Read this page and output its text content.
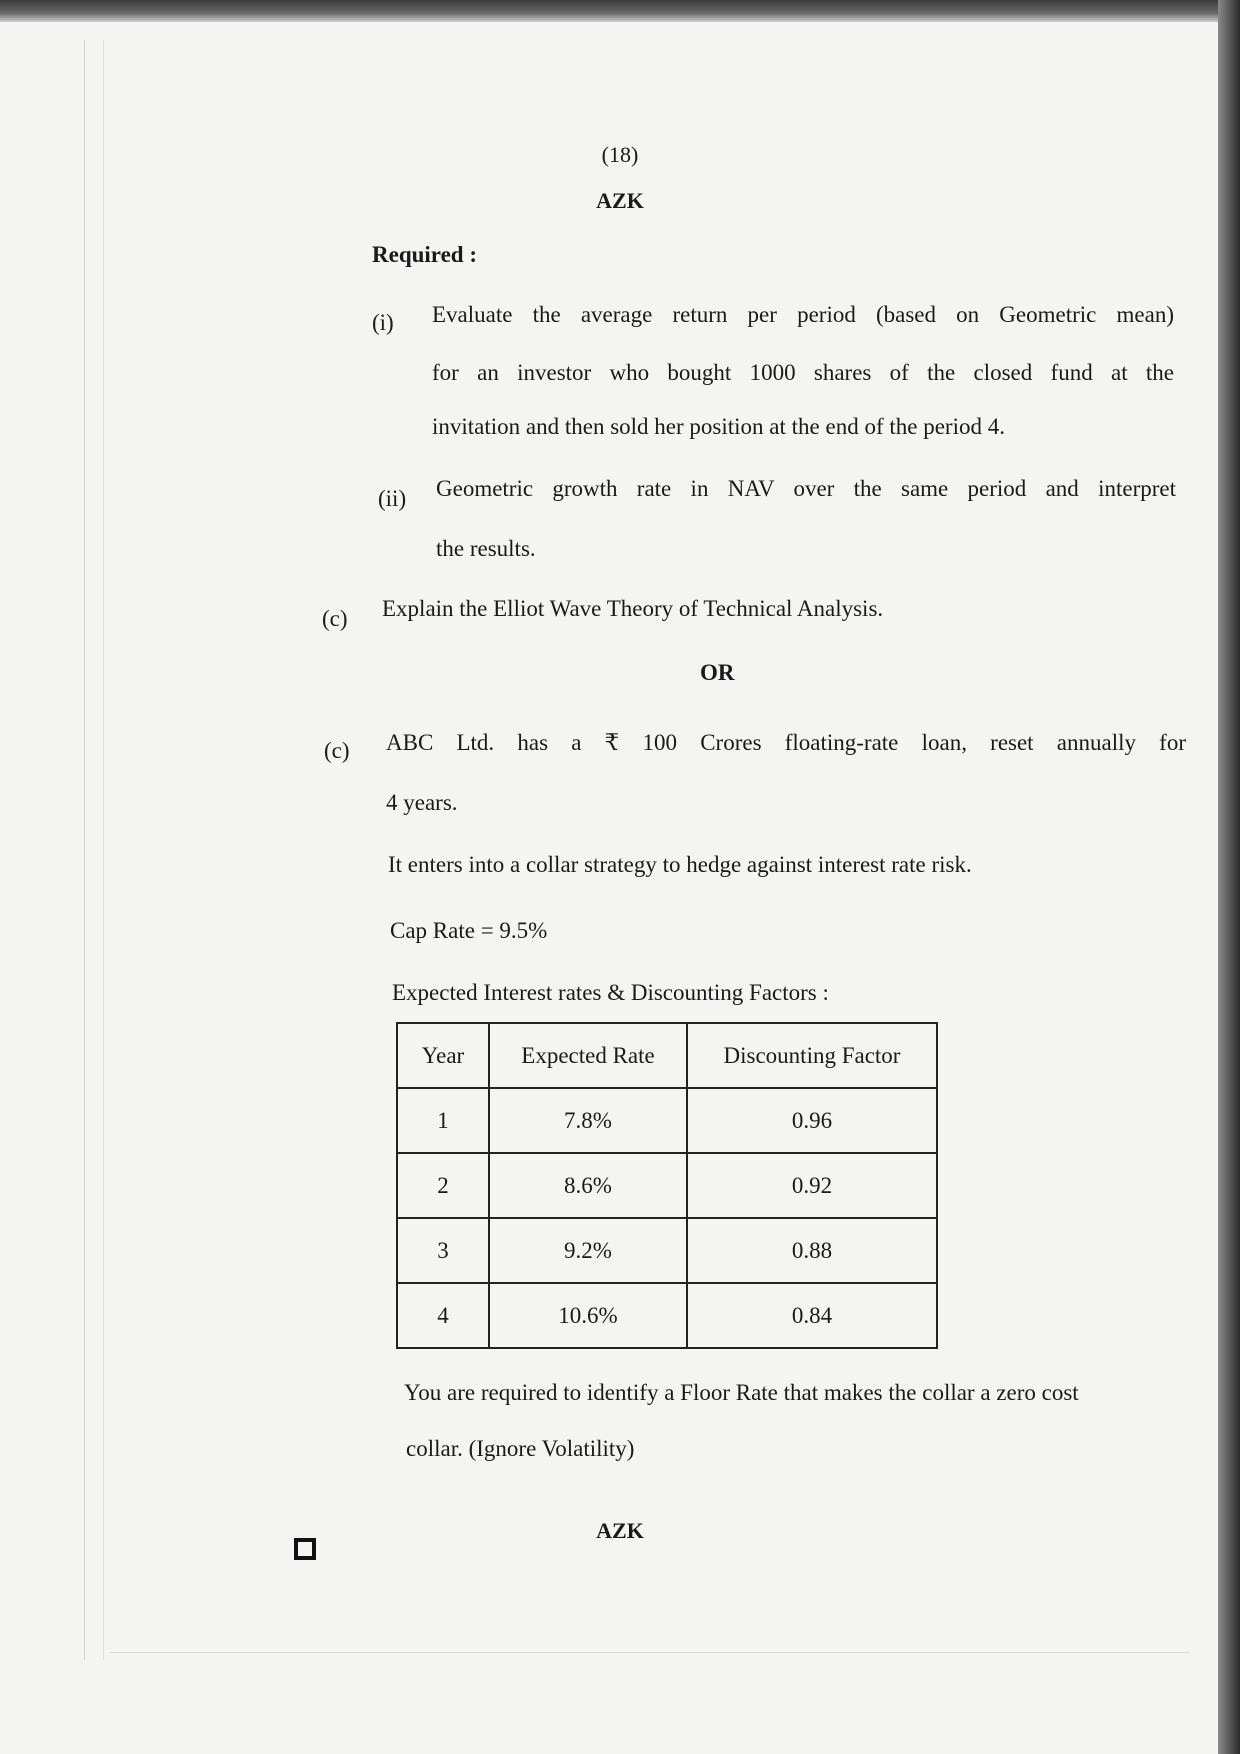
(18)
AZK
Required :
(i) Evaluate the average return per period (based on Geometric mean)
for an investor who bought 1000 shares of the closed fund at the
invitation and then sold her position at the end of the period 4.
(ii) Geometric growth rate in NAV over the same period and interpret
the results.
(c) Explain the Elliot Wave Theory of Technical Analysis.
OR
(c) ABC Ltd. has a ₹ 100 Crores floating-rate loan, reset annually for
4 years.
It enters into a collar strategy to hedge against interest rate risk.
Cap Rate = 9.5%
Expected Interest rates & Discounting Factors :
Year	Expected Rate	Discounting Factor
1	7.8%	0.96
2	8.6%	0.92
3	9.2%	0.88
4	10.6%	0.84
You are required to identify a Floor Rate that makes the collar a zero cost
collar. (Ignore Volatility)
AZK
